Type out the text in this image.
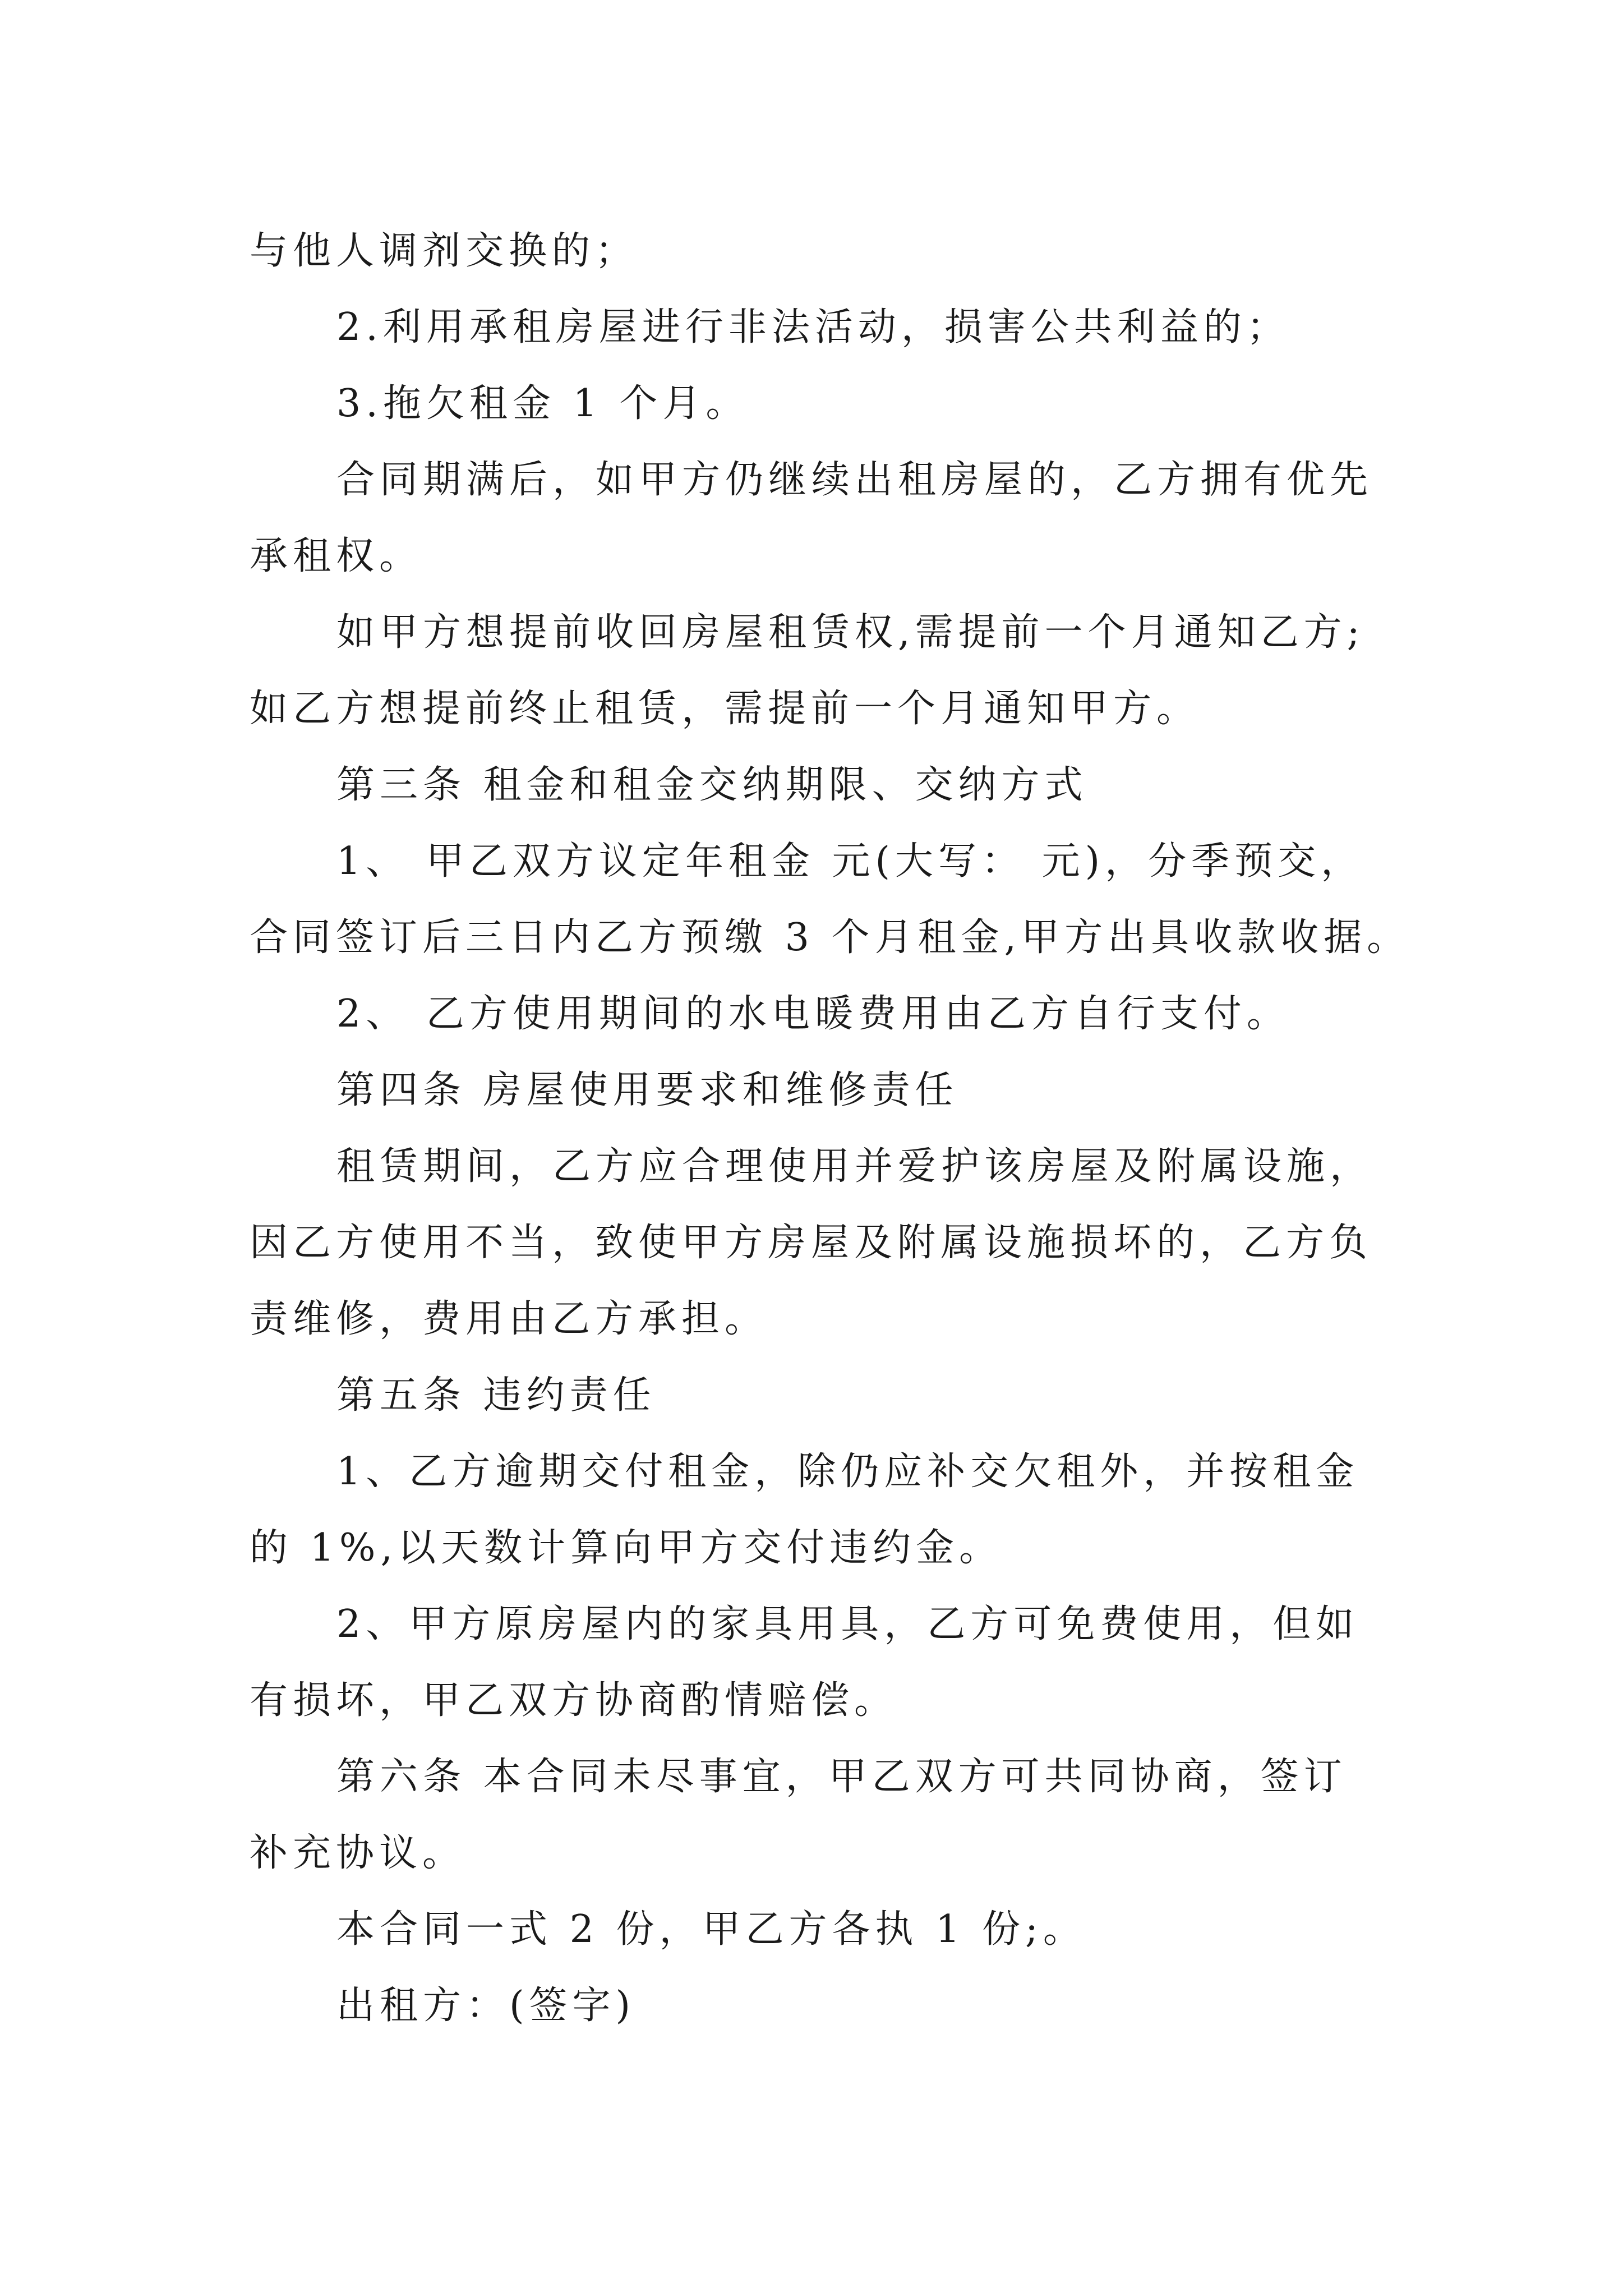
与他人调剂交换的；

2.利用承租房屋进行非法活动，损害公共利益的；

3.拖欠租金 1 个月。

合同期满后，如甲方仍继续出租房屋的，乙方拥有优先
承租权。

如甲方想提前收回房屋租赁权,需提前一个月通知乙方;
如乙方想提前终止租赁，需提前一个月通知甲方。

第三条 租金和租金交纳期限、交纳方式

1、 甲乙双方议定年租金 元(大写： 元)，分季预交，
合同签订后三日内乙方预缴 3 个月租金,甲方出具收款收据。

2、 乙方使用期间的水电暖费用由乙方自行支付。

第四条 房屋使用要求和维修责任

租赁期间，乙方应合理使用并爱护该房屋及附属设施，
因乙方使用不当，致使甲方房屋及附属设施损坏的，乙方负
责维修，费用由乙方承担。

第五条 违约责任

1、乙方逾期交付租金，除仍应补交欠租外，并按租金
的 1%,以天数计算向甲方交付违约金。

2、甲方原房屋内的家具用具，乙方可免费使用，但如
有损坏，甲乙双方协商酌情赔偿。

第六条 本合同未尽事宜，甲乙双方可共同协商，签订
补充协议。

本合同一式 2 份，甲乙方各执 1 份;。

出租方：(签字)
